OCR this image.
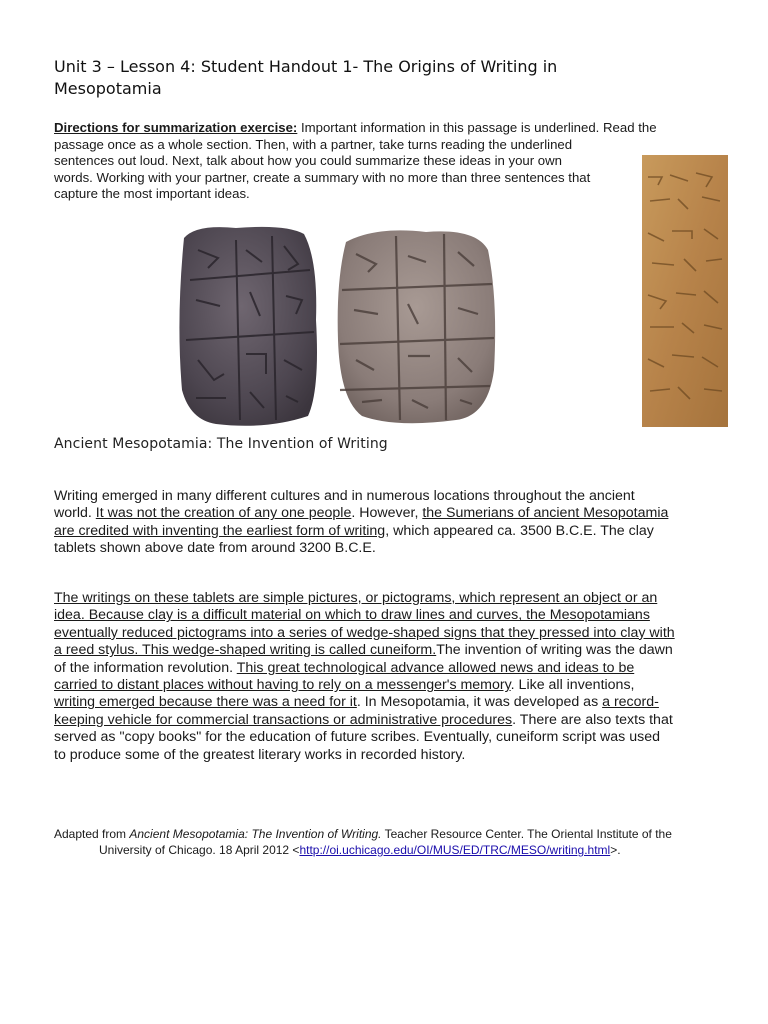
Unit 3 – Lesson 4: Student Handout 1- The Origins of Writing in
Mesopotamia
Directions for summarization exercise: Important information in this passage is underlined. Read the
passage once as a whole section. Then, with a partner, take turns reading the underlined
sentences out loud. Next, talk about how you could summarize these ideas in your own
words. Working with your partner, create a summary with no more than three sentences that
capture the most important ideas.
Ancient Mesopotamia: The Invention of Writing
Writing emerged in many different cultures and in numerous locations throughout the ancient
world. It was not the creation of any one people. However, the Sumerians of ancient Mesopotamia
are credited with inventing the earliest form of writing, which appeared ca. 3500 B.C.E. The clay
tablets shown above date from around 3200 B.C.E.
The writings on these tablets are simple pictures, or pictograms, which represent an object or an
idea. Because clay is a difficult material on which to draw lines and curves, the Mesopotamians
eventually reduced pictograms into a series of wedge-shaped signs that they pressed into clay with
a reed stylus. This wedge-shaped writing is called cuneiform.The invention of writing was the dawn
of the information revolution. This great technological advance allowed news and ideas to be
carried to distant places without having to rely on a messenger's memory. Like all inventions,
writing emerged because there was a need for it. In Mesopotamia, it was developed as a record-
keeping vehicle for commercial transactions or administrative procedures. There are also texts that
served as "copy books" for the education of future scribes. Eventually, cuneiform script was used
to produce some of the greatest literary works in recorded history.
Adapted from Ancient Mesopotamia: The Invention of Writing. Teacher Resource Center. The Oriental Institute of the
University of Chicago. 18 April 2012 <http://oi.uchicago.edu/OI/MUS/ED/TRC/MESO/writing.html>.
